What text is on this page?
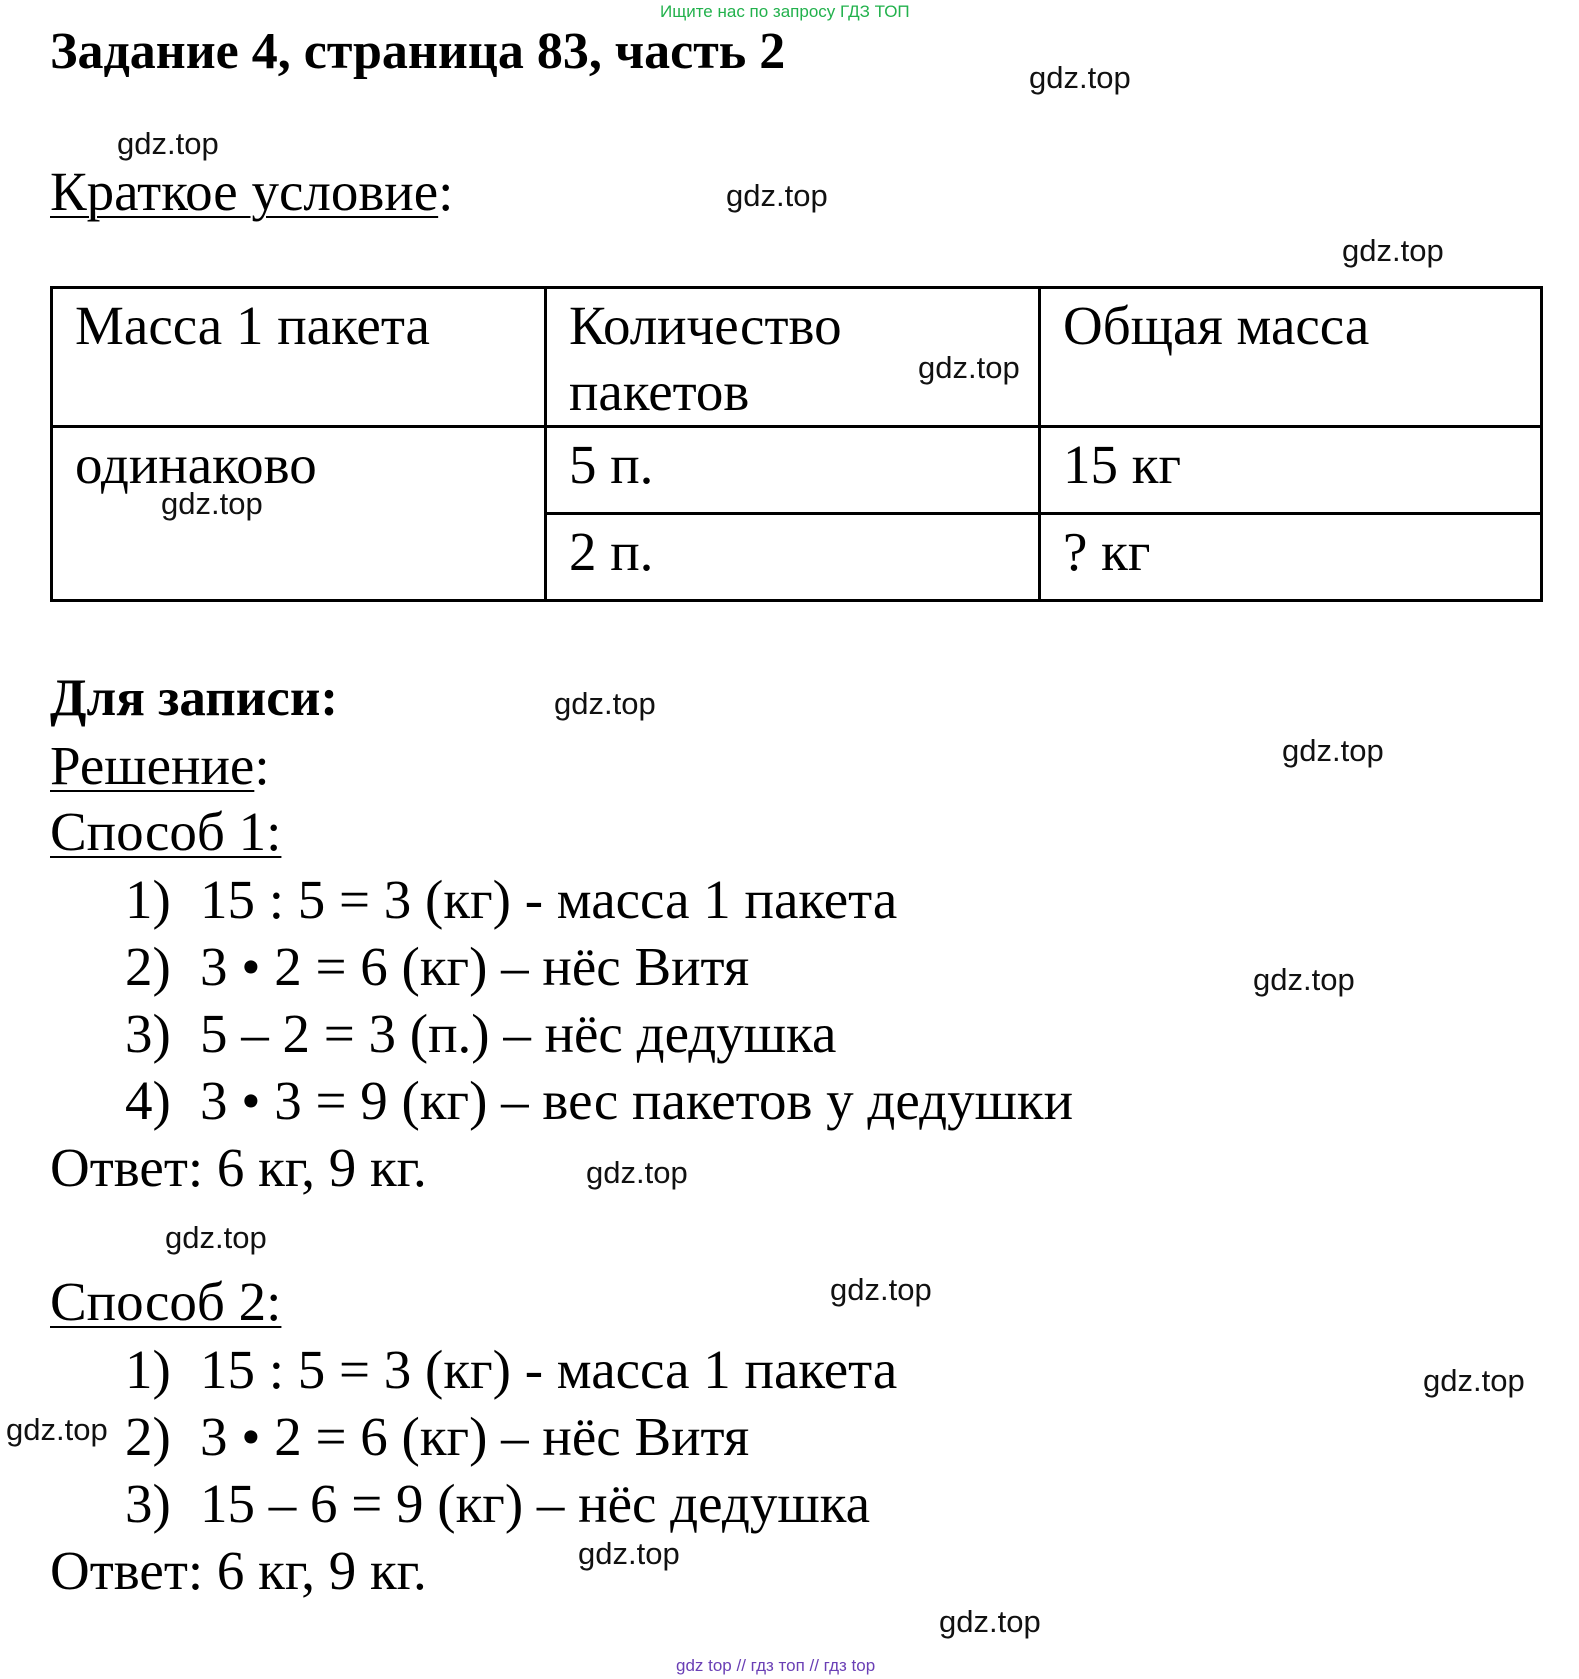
Ищите нас по запросу ГДЗ ТОП
Задание 4, страница 83, часть 2
Краткое условие:
Масса 1 пакета	Количество пакетов	Общая масса
одинаково	5 п.	15 кг
	2 п.	? кг
Для записи:
Решение:
Способ 1:
1) 15 : 5 = 3 (кг) - масса 1 пакета
2) 3 • 2 = 6 (кг) – нёс Витя
3) 5 – 2 = 3 (п.) – нёс дедушка
4) 3 • 3 = 9 (кг) – вес пакетов у дедушки
Ответ: 6 кг, 9 кг.
Способ 2:
1) 15 : 5 = 3 (кг) - масса 1 пакета
2) 3 • 2 = 6 (кг) – нёс Витя
3) 15 – 6 = 9 (кг) – нёс дедушка
Ответ: 6 кг, 9 кг.
gdz.top
gdz.top
gdz.top
gdz.top
gdz.top
gdz.top
gdz.top
gdz.top
gdz.top
gdz.top
gdz.top
gdz.top
gdz.top
gdz.top
gdz.top
gdz.top
gdz top // гдз топ // гдз top
